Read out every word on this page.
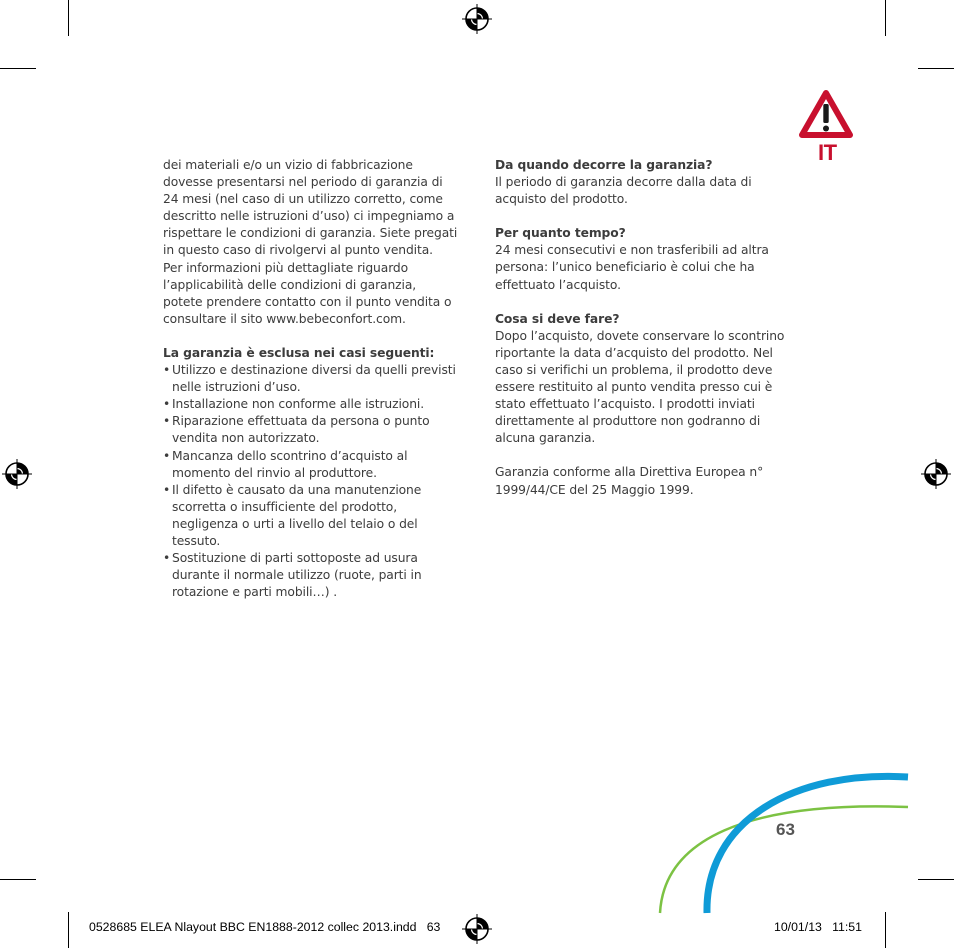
IT

dei materiali e/o un vizio di fabbricazione
dovesse presentarsi nel periodo di garanzia di
24 mesi (nel caso di un utilizzo corretto, come
descritto nelle istruzioni d’uso) ci impegniamo a
rispettare le condizioni di garanzia. Siete pregati
in questo caso di rivolgervi al punto vendita.
Per informazioni più dettagliate riguardo
l’applicabilità delle condizioni di garanzia,
potete prendere contatto con il punto vendita o
consultare il sito www.bebeconfort.com.

La garanzia è esclusa nei casi seguenti:

• Utilizzo e destinazione diversi da quelli previsti
nelle istruzioni d’uso.
• Installazione non conforme alle istruzioni.
• Riparazione effettuata da persona o punto
vendita non autorizzato.
• Mancanza dello scontrino d’acquisto al
momento del rinvio al produttore.
• Il difetto è causato da una manutenzione
scorretta o insufficiente del prodotto,
negligenza o urti a livello del telaio o del
tessuto.
• Sostituzione di parti sottoposte ad usura
durante il normale utilizzo (ruote, parti in
rotazione e parti mobili…) .

Da quando decorre la garanzia?

Il periodo di garanzia decorre dalla data di
acquisto del prodotto.

Per quanto tempo?

24 mesi consecutivi e non trasferibili ad altra
persona: l’unico beneficiario è colui che ha
effettuato l’acquisto.

Cosa si deve fare?

Dopo l’acquisto, dovete conservare lo scontrino
riportante la data d’acquisto del prodotto. Nel
caso si verifichi un problema, il prodotto deve
essere restituito al punto vendita presso cui è
stato effettuato l’acquisto. I prodotti inviati
direttamente al produttore non godranno di
alcuna garanzia.

Garanzia conforme alla Direttiva Europea n°
1999/44/CE del 25 Maggio 1999.

63
0528685 ELEA Nlayout BBC EN1888-2012 collec 2013.indd   63	10/01/13   11:51
